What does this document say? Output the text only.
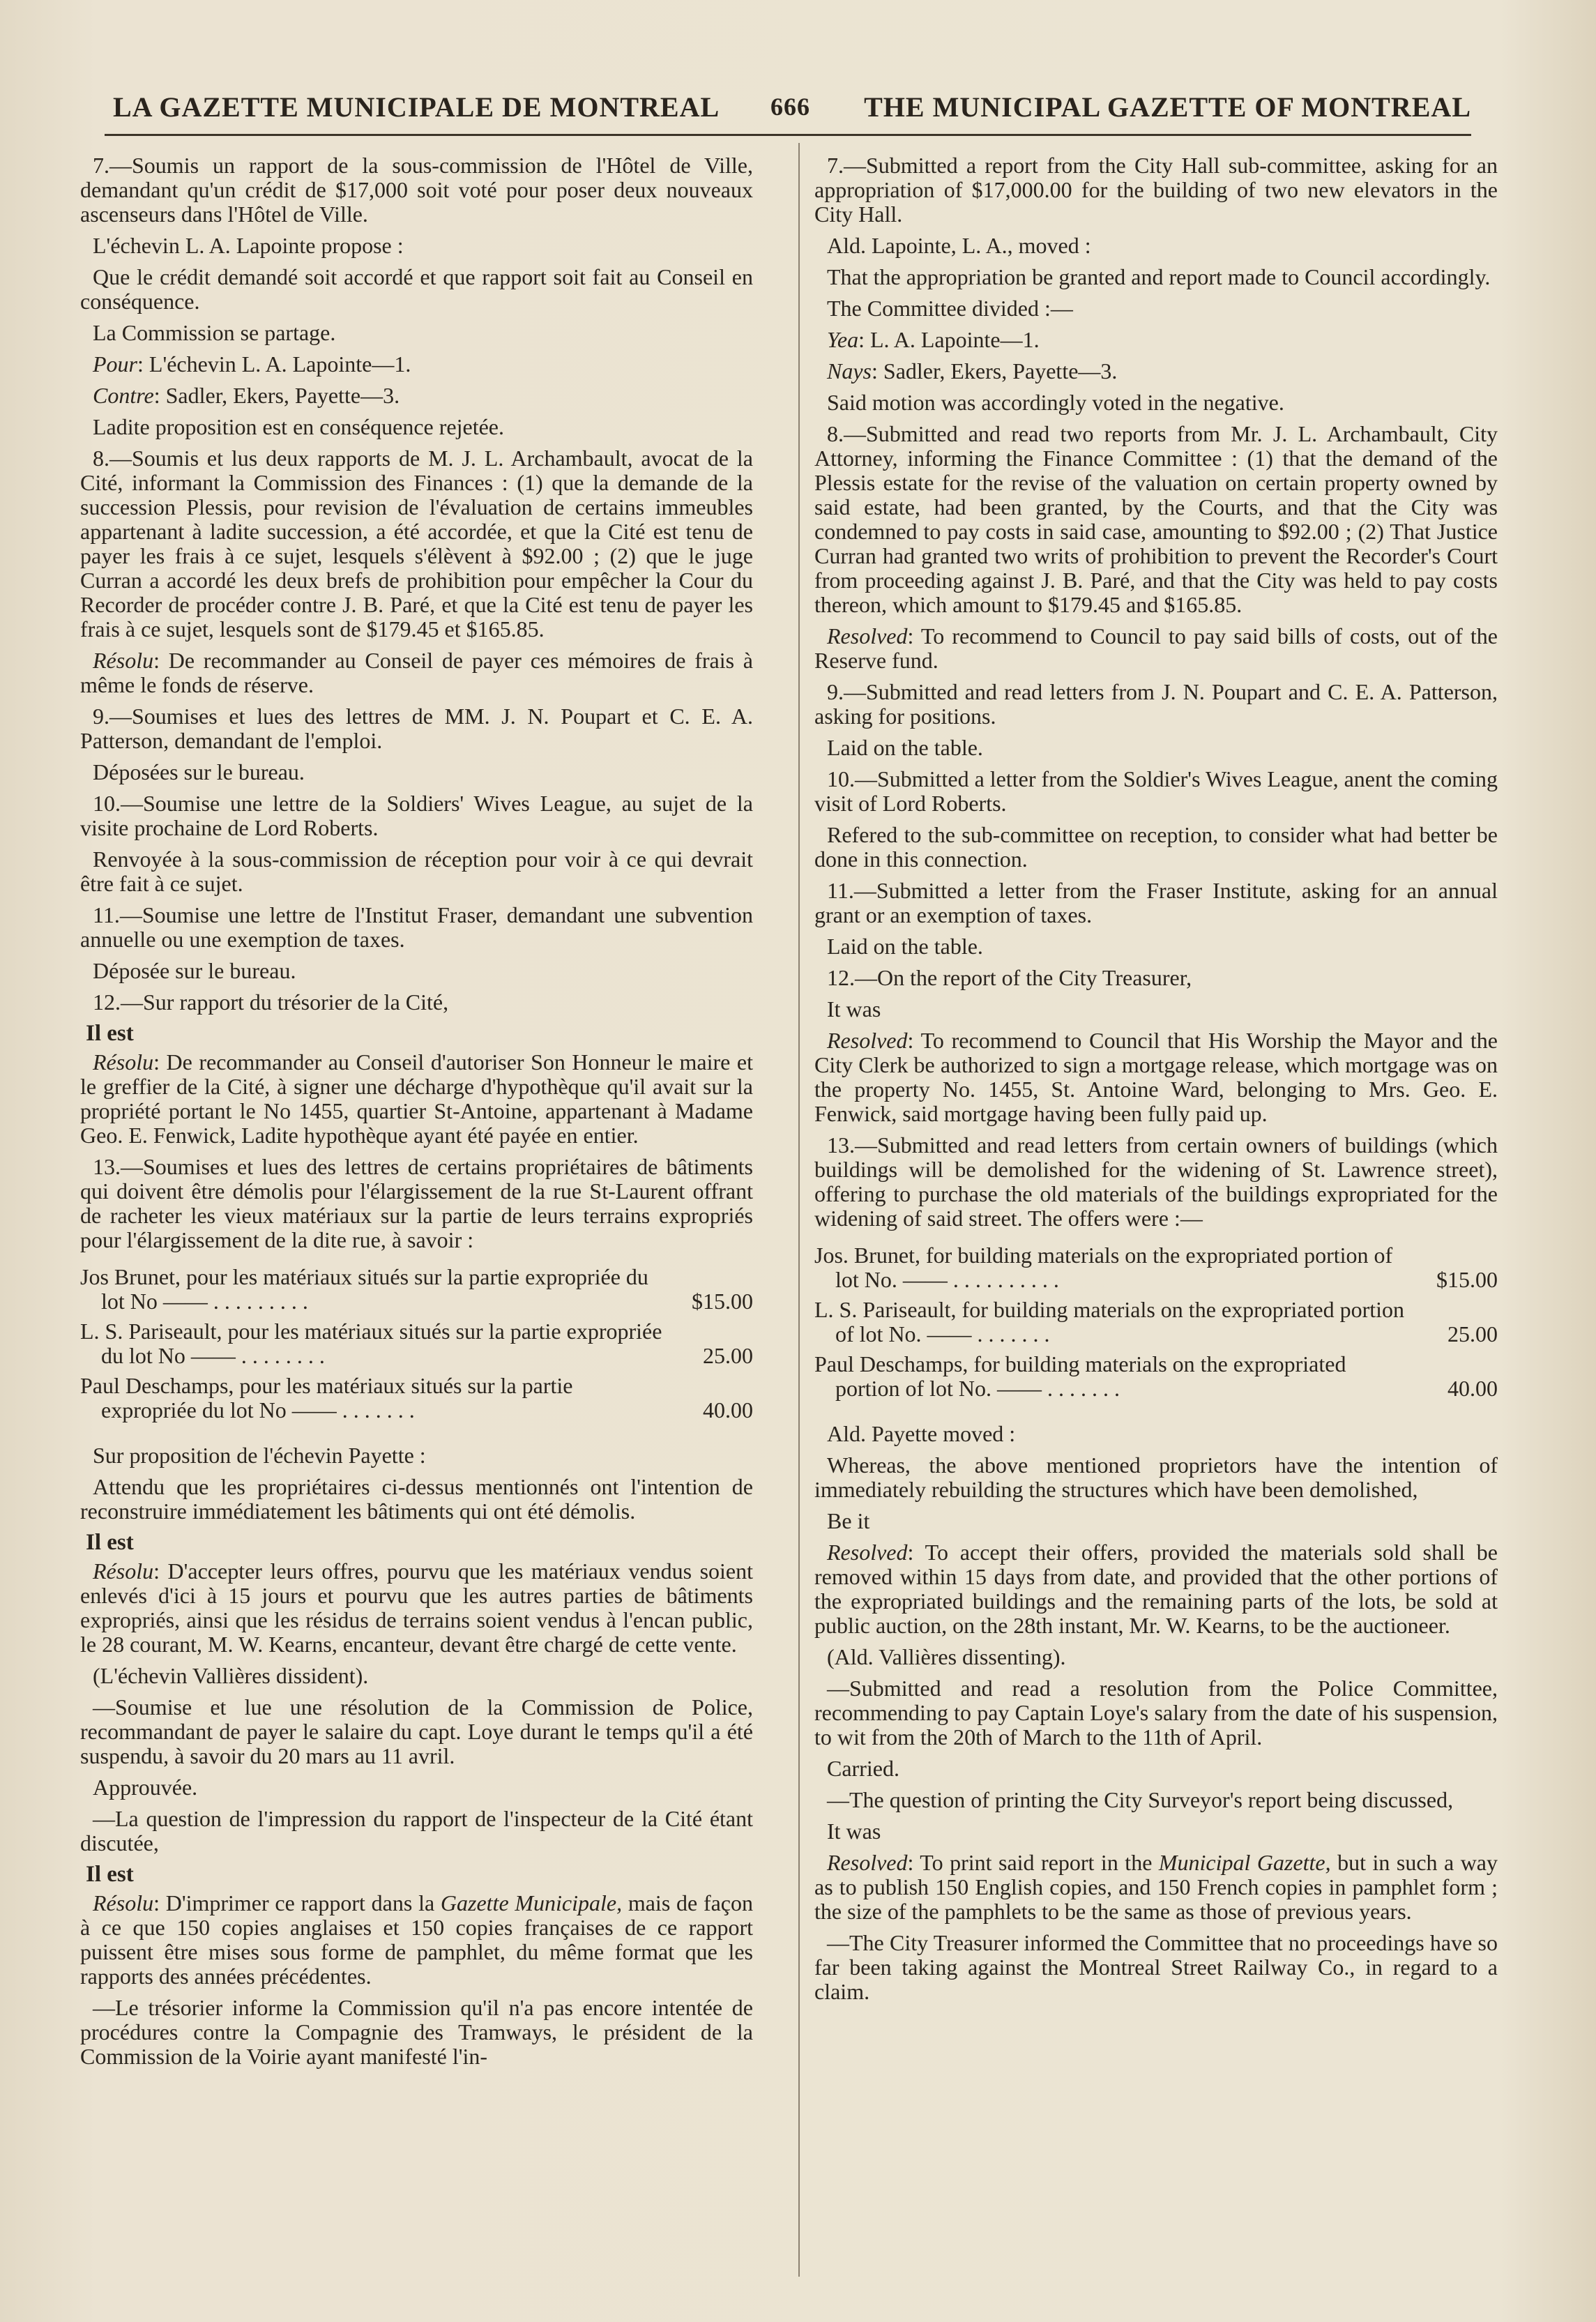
LA GAZETTE MUNICIPALE DE MONTREAL 666 THE MUNICIPAL GAZETTE OF MONTREAL

7.—Soumis un rapport de la sous-commission de l'Hôtel de Ville, demandant qu'un crédit de $17,000 soit voté pour poser deux nouveaux ascenseurs dans l'Hôtel de Ville.

L'échevin L. A. Lapointe propose :

Que le crédit demandé soit accordé et que rapport soit fait au Conseil en conséquence.

La Commission se partage.

Pour: L'échevin L. A. Lapointe—1.

Contre: Sadler, Ekers, Payette—3.

Ladite proposition est en conséquence rejetée.

8.—Soumis et lus deux rapports de M. J. L. Archambault, avocat de la Cité, informant la Commission des Finances : (1) que la demande de la succession Plessis, pour revision de l'évaluation de certains immeubles appartenant à ladite succession, a été accordée, et que la Cité est tenu de payer les frais à ce sujet, lesquels s'élèvent à $92.00 ; (2) que le juge Curran a accordé les deux brefs de prohibition pour empêcher la Cour du Recorder de procéder contre J. B. Paré, et que la Cité est tenu de payer les frais à ce sujet, lesquels sont de $179.45 et $165.85.

Résolu: De recommander au Conseil de payer ces mémoires de frais à même le fonds de réserve.

9.—Soumises et lues des lettres de MM. J. N. Poupart et C. E. A. Patterson, demandant de l'emploi.

Déposées sur le bureau.

10.—Soumise une lettre de la Soldiers' Wives League, au sujet de la visite prochaine de Lord Roberts.

Renvoyée à la sous-commission de réception pour voir à ce qui devrait être fait à ce sujet.

11.—Soumise une lettre de l'Institut Fraser, demandant une subvention annuelle ou une exemption de taxes.

Déposée sur le bureau.

12.—Sur rapport du trésorier de la Cité,

Il est

Résolu: De recommander au Conseil d'autoriser Son Honneur le maire et le greffier de la Cité, à signer une décharge d'hypothèque qu'il avait sur la propriété portant le No 1455, quartier St-Antoine, appartenant à Madame Geo. E. Fenwick, Ladite hypothèque ayant été payée en entier.

13.—Soumises et lues des lettres de certains propriétaires de bâtiments qui doivent être démolis pour l'élargissement de la rue St-Laurent offrant de racheter les vieux matériaux sur la partie de leurs terrains expropriés pour l'élargissement de la dite rue, à savoir :

Jos Brunet, pour les matériaux situés sur la partie expropriée du lot No —— . . . . . . . . .	$15.00
L. S. Pariseault, pour les matériaux situés sur la partie expropriée du lot No —— . . . . . . . .	25.00
Paul Deschamps, pour les matériaux situés sur la partie expropriée du lot No —— . . . . . . .	40.00

Sur proposition de l'échevin Payette :

Attendu que les propriétaires ci-dessus mentionnés ont l'intention de reconstruire immédiatement les bâtiments qui ont été démolis.

Il est

Résolu: D'accepter leurs offres, pourvu que les matériaux vendus soient enlevés d'ici à 15 jours et pourvu que les autres parties de bâtiments expropriés, ainsi que les résidus de terrains soient vendus à l'encan public, le 28 courant, M. W. Kearns, encanteur, devant être chargé de cette vente.

(L'échevin Vallières dissident).

—Soumise et lue une résolution de la Commission de Police, recommandant de payer le salaire du capt. Loye durant le temps qu'il a été suspendu, à savoir du 20 mars au 11 avril.

Approuvée.

—La question de l'impression du rapport de l'inspecteur de la Cité étant discutée,

Il est

Résolu: D'imprimer ce rapport dans la Gazette Municipale, mais de façon à ce que 150 copies anglaises et 150 copies françaises de ce rapport puissent être mises sous forme de pamphlet, du même format que les rapports des années précédentes.

—Le trésorier informe la Commission qu'il n'a pas encore intentée de procédures contre la Compagnie des Tramways, le président de la Commission de la Voirie ayant manifesté l'in-

7.—Submitted a report from the City Hall sub-committee, asking for an appropriation of $17,000.00 for the building of two new elevators in the City Hall.

Ald. Lapointe, L. A., moved :

That the appropriation be granted and report made to Council accordingly.

The Committee divided :—

Yea: L. A. Lapointe—1.

Nays: Sadler, Ekers, Payette—3.

Said motion was accordingly voted in the negative.

8.—Submitted and read two reports from Mr. J. L. Archambault, City Attorney, informing the Finance Committee : (1) that the demand of the Plessis estate for the revise of the valuation on certain property owned by said estate, had been granted, by the Courts, and that the City was condemned to pay costs in said case, amounting to $92.00 ; (2) That Justice Curran had granted two writs of prohibition to prevent the Recorder's Court from proceeding against J. B. Paré, and that the City was held to pay costs thereon, which amount to $179.45 and $165.85.

Resolved: To recommend to Council to pay said bills of costs, out of the Reserve fund.

9.—Submitted and read letters from J. N. Poupart and C. E. A. Patterson, asking for positions.

Laid on the table.

10.—Submitted a letter from the Soldier's Wives League, anent the coming visit of Lord Roberts.

Refered to the sub-committee on reception, to consider what had better be done in this connection.

11.—Submitted a letter from the Fraser Institute, asking for an annual grant or an exemption of taxes.

Laid on the table.

12.—On the report of the City Treasurer,

It was

Resolved: To recommend to Council that His Worship the Mayor and the City Clerk be authorized to sign a mortgage release, which mortgage was on the property No. 1455, St. Antoine Ward, belonging to Mrs. Geo. E. Fenwick, said mortgage having been fully paid up.

13.—Submitted and read letters from certain owners of buildings (which buildings will be demolished for the widening of St. Lawrence street), offering to purchase the old materials of the buildings expropriated for the widening of said street. The offers were :—

Jos. Brunet, for building materials on the expropriated portion of lot No. —— . . . . . . . . . .	$15.00
L. S. Pariseault, for building materials on the expropriated portion of lot No. —— . . . . . . .	25.00
Paul Deschamps, for building materials on the expropriated portion of lot No. —— . . . . . . .	40.00

Ald. Payette moved :

Whereas, the above mentioned proprietors have the intention of immediately rebuilding the structures which have been demolished,

Be it

Resolved: To accept their offers, provided the materials sold shall be removed within 15 days from date, and provided that the other portions of the expropriated buildings and the remaining parts of the lots, be sold at public auction, on the 28th instant, Mr. W. Kearns, to be the auctioneer.

(Ald. Vallières dissenting).

—Submitted and read a resolution from the Police Committee, recommending to pay Captain Loye's salary from the date of his suspension, to wit from the 20th of March to the 11th of April.

Carried.

—The question of printing the City Surveyor's report being discussed,

It was

Resolved: To print said report in the Municipal Gazette, but in such a way as to publish 150 English copies, and 150 French copies in pamphlet form ; the size of the pamphlets to be the same as those of previous years.

—The City Treasurer informed the Committee that no proceedings have so far been taking against the Montreal Street Railway Co., in regard to a claim.
